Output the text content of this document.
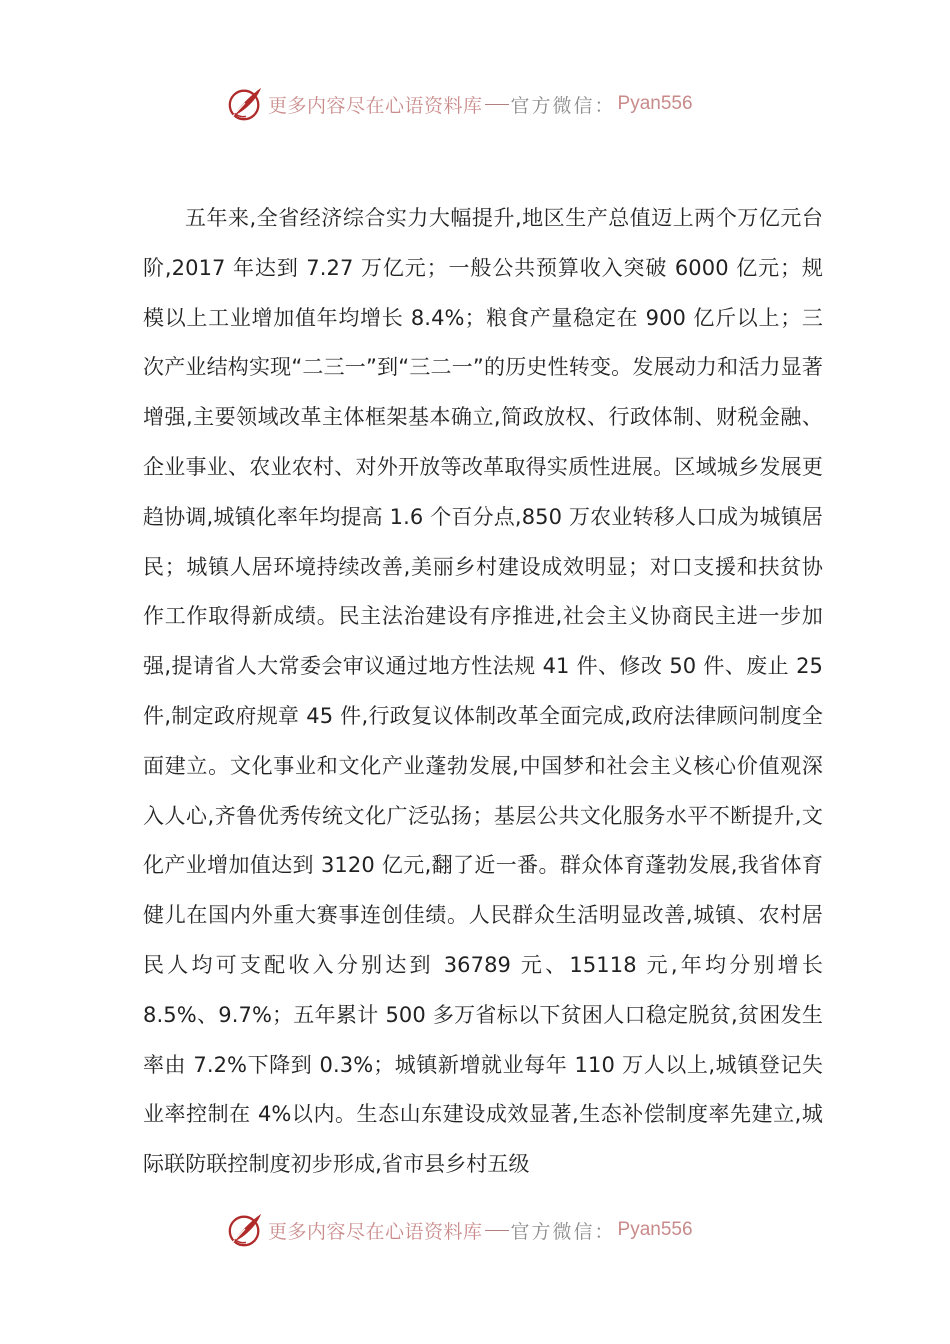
更多内容尽在心语资料库 官方微信： Pyan556

五年来,全省经济综合实力大幅提升,地区生产总值迈上两个万亿元台阶,2017 年达到 7.27 万亿元；一般公共预算收入突破 6000 亿元；规模以上工业增加值年均增长 8.4%；粮食产量稳定在 900 亿斤以上；三次产业结构实现“二三一”到“三二一”的历史性转变。发展动力和活力显著增强,主要领域改革主体框架基本确立,简政放权、行政体制、财税金融、企业事业、农业农村、对外开放等改革取得实质性进展。区域城乡发展更趋协调,城镇化率年均提高 1.6 个百分点,850 万农业转移人口成为城镇居民；城镇人居环境持续改善,美丽乡村建设成效明显；对口支援和扶贫协作工作取得新成绩。民主法治建设有序推进,社会主义协商民主进一步加强,提请省人大常委会审议通过地方性法规 41 件、修改 50 件、废止 25 件,制定政府规章 45 件,行政复议体制改革全面完成,政府法律顾问制度全面建立。文化事业和文化产业蓬勃发展,中国梦和社会主义核心价值观深入人心,齐鲁优秀传统文化广泛弘扬；基层公共文化服务水平不断提升,文化产业增加值达到 3120 亿元,翻了近一番。群众体育蓬勃发展,我省体育健儿在国内外重大赛事连创佳绩。人民群众生活明显改善,城镇、农村居民人均可支配收入分别达到 36789 元、15118 元,年均分别增长 8.5%、9.7%；五年累计 500 多万省标以下贫困人口稳定脱贫,贫困发生率由 7.2%下降到 0.3%；城镇新增就业每年 110 万人以上,城镇登记失业率控制在 4%以内。生态山东建设成效显著,生态补偿制度率先建立,城际联防联控制度初步形成,省市县乡村五级

更多内容尽在心语资料库 官方微信： Pyan556
